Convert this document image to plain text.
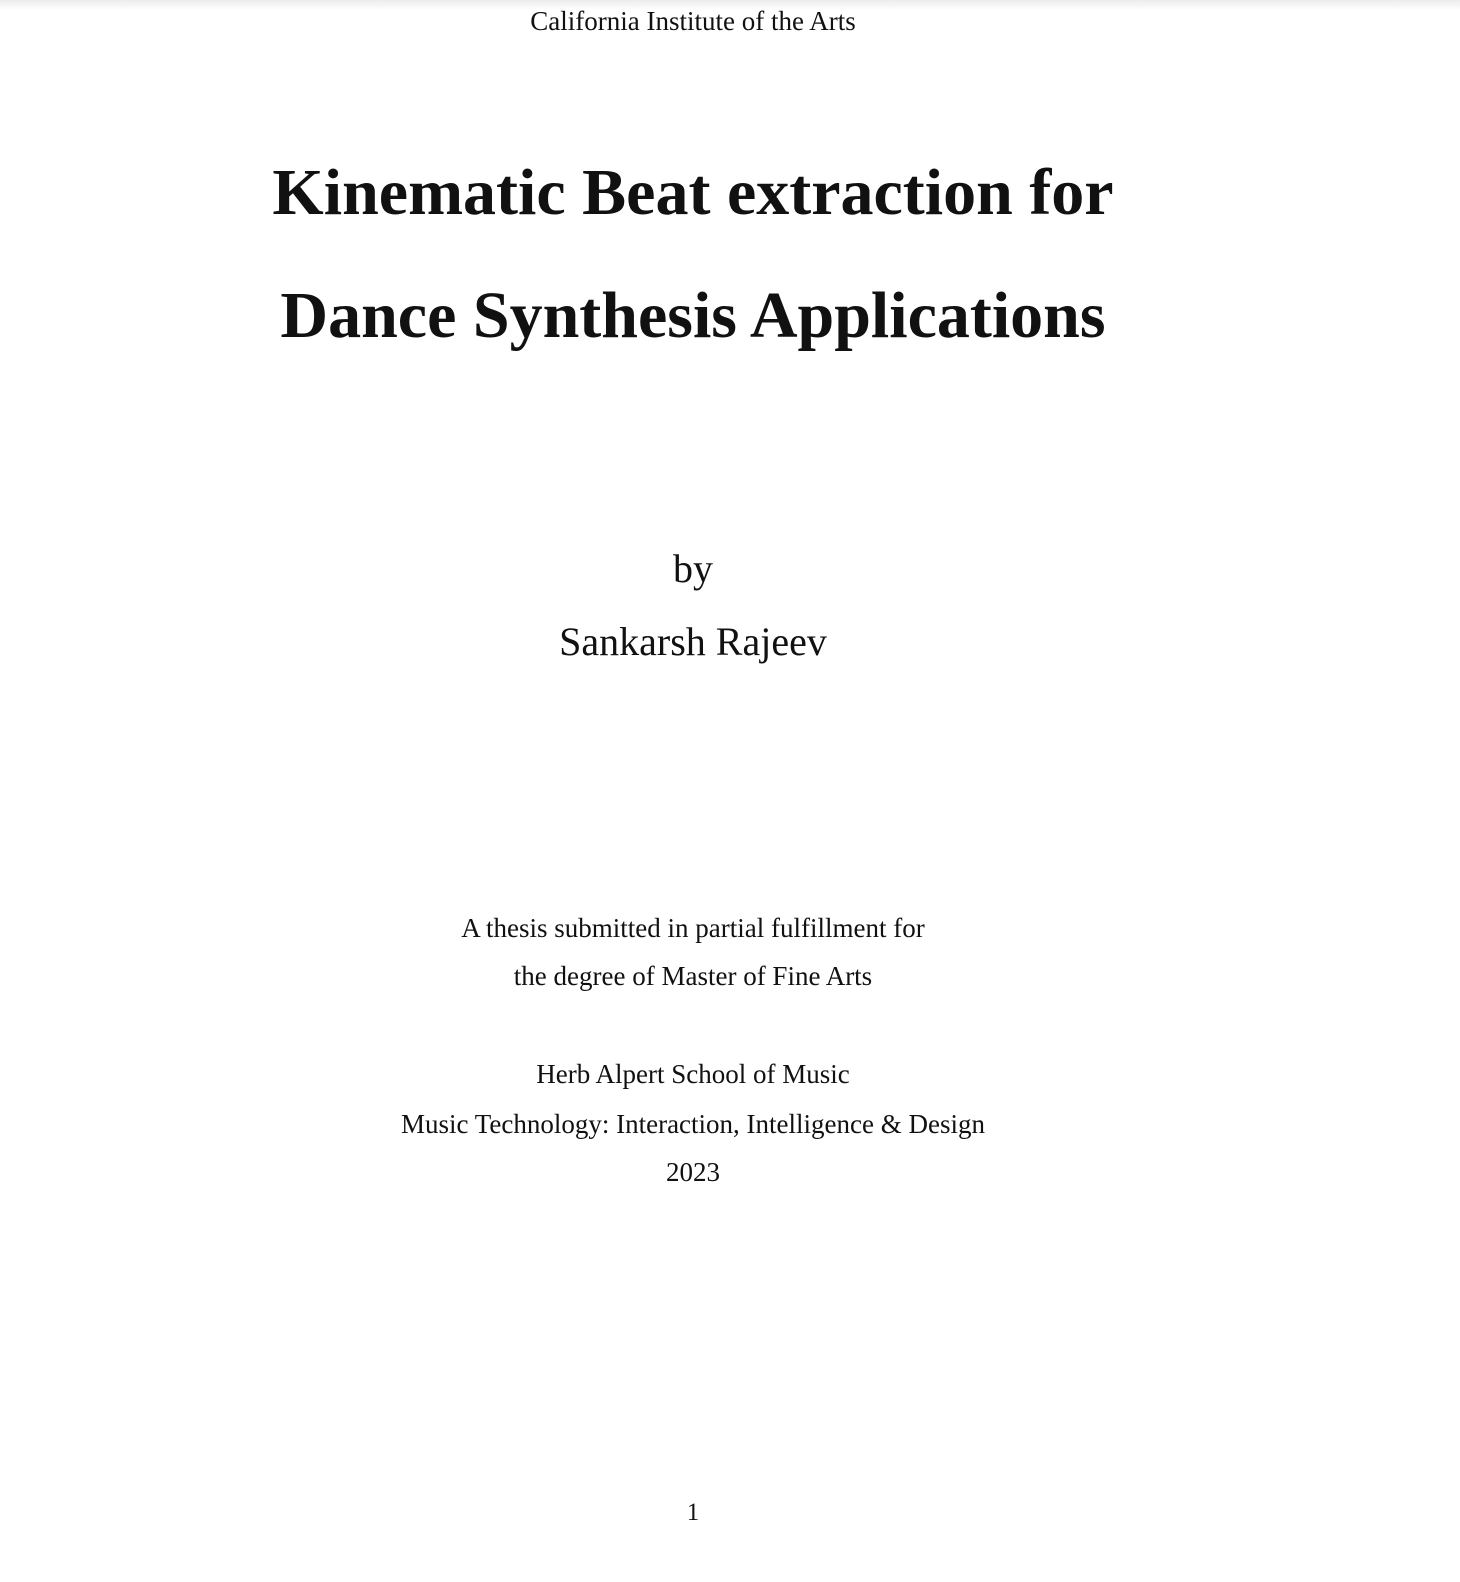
California Institute of the Arts
Kinematic Beat extraction for
Dance Synthesis Applications
by
Sankarsh Rajeev
A thesis submitted in partial fulfillment for
the degree of Master of Fine Arts
Herb Alpert School of Music
Music Technology: Interaction, Intelligence & Design
2023
1
